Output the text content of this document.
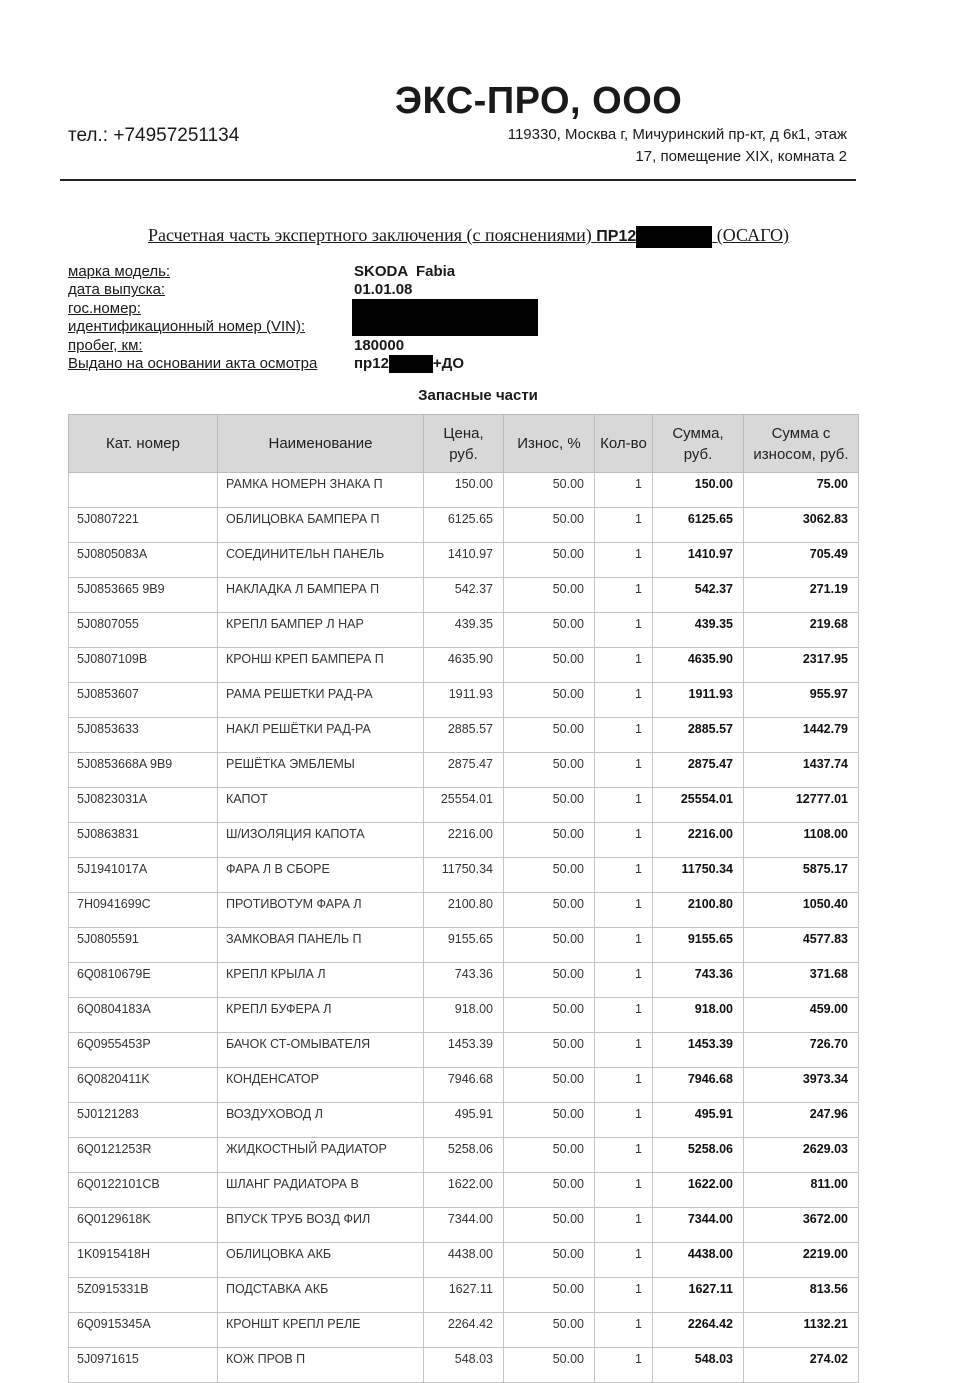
ЭКС-ПРО, ООО
тел.: +74957251134	119330, Москва г, Мичуринский пр-кт, д 6к1, этаж
17, помещение XIX, комната 2
Расчетная часть экспертного заключения (с пояснениями) ПР12	(ОСАГО)
марка модель:	SKODA  Fabia
дата выпуска:	01.01.08
гос.номер:
идентификационный номер (VIN):
пробег, км:	180000
Выдано на основании акта осмотра	пр12	+ДО
Запасные части
Кат. номер	Наименование	Цена, руб.	Износ, %	Кол-во	Сумма, руб.	Сумма с износом, руб.
	РАМКА НОМЕРН ЗНАКА П	150.00	50.00	1	150.00	75.00
5J0807221	ОБЛИЦОВКА БАМПЕРА П	6125.65	50.00	1	6125.65	3062.83
5J0805083A	СОЕДИНИТЕЛЬН ПАНЕЛЬ	1410.97	50.00	1	1410.97	705.49
5J0853665 9B9	НАКЛАДКА Л БАМПЕРА П	542.37	50.00	1	542.37	271.19
5J0807055	КРЕПЛ БАМПЕР Л НАР	439.35	50.00	1	439.35	219.68
5J0807109B	КРОНШ КРЕП БАМПЕРА П	4635.90	50.00	1	4635.90	2317.95
5J0853607	РАМА РЕШЕТКИ РАД-РА	1911.93	50.00	1	1911.93	955.97
5J0853633	НАКЛ РЕШЁТКИ РАД-РА	2885.57	50.00	1	2885.57	1442.79
5J0853668A 9B9	РЕШЁТКА ЭМБЛЕМЫ	2875.47	50.00	1	2875.47	1437.74
5J0823031A	КАПОТ	25554.01	50.00	1	25554.01	12777.01
5J0863831	Ш/ИЗОЛЯЦИЯ КАПОТА	2216.00	50.00	1	2216.00	1108.00
5J1941017A	ФАРА Л В СБОРЕ	11750.34	50.00	1	11750.34	5875.17
7H0941699C	ПРОТИВОТУМ ФАРА Л	2100.80	50.00	1	2100.80	1050.40
5J0805591	ЗАМКОВАЯ ПАНЕЛЬ П	9155.65	50.00	1	9155.65	4577.83
6Q0810679E	КРЕПЛ КРЫЛА Л	743.36	50.00	1	743.36	371.68
6Q0804183A	КРЕПЛ БУФЕРА Л	918.00	50.00	1	918.00	459.00
6Q0955453P	БАЧОК СТ-ОМЫВАТЕЛЯ	1453.39	50.00	1	1453.39	726.70
6Q0820411K	КОНДЕНСАТОР	7946.68	50.00	1	7946.68	3973.34
5J0121283	ВОЗДУХОВОД Л	495.91	50.00	1	495.91	247.96
6Q0121253R	ЖИДКОСТНЫЙ РАДИАТОР	5258.06	50.00	1	5258.06	2629.03
6Q0122101CB	ШЛАНГ РАДИАТОРА В	1622.00	50.00	1	1622.00	811.00
6Q0129618K	ВПУСК ТРУБ ВОЗД ФИЛ	7344.00	50.00	1	7344.00	3672.00
1K0915418H	ОБЛИЦОВКА АКБ	4438.00	50.00	1	4438.00	2219.00
5Z0915331B	ПОДСТАВКА АКБ	1627.11	50.00	1	1627.11	813.56
6Q0915345A	КРОНШТ КРЕПЛ РЕЛЕ	2264.42	50.00	1	2264.42	1132.21
5J0971615	КОЖ ПРОВ П	548.03	50.00	1	548.03	274.02
